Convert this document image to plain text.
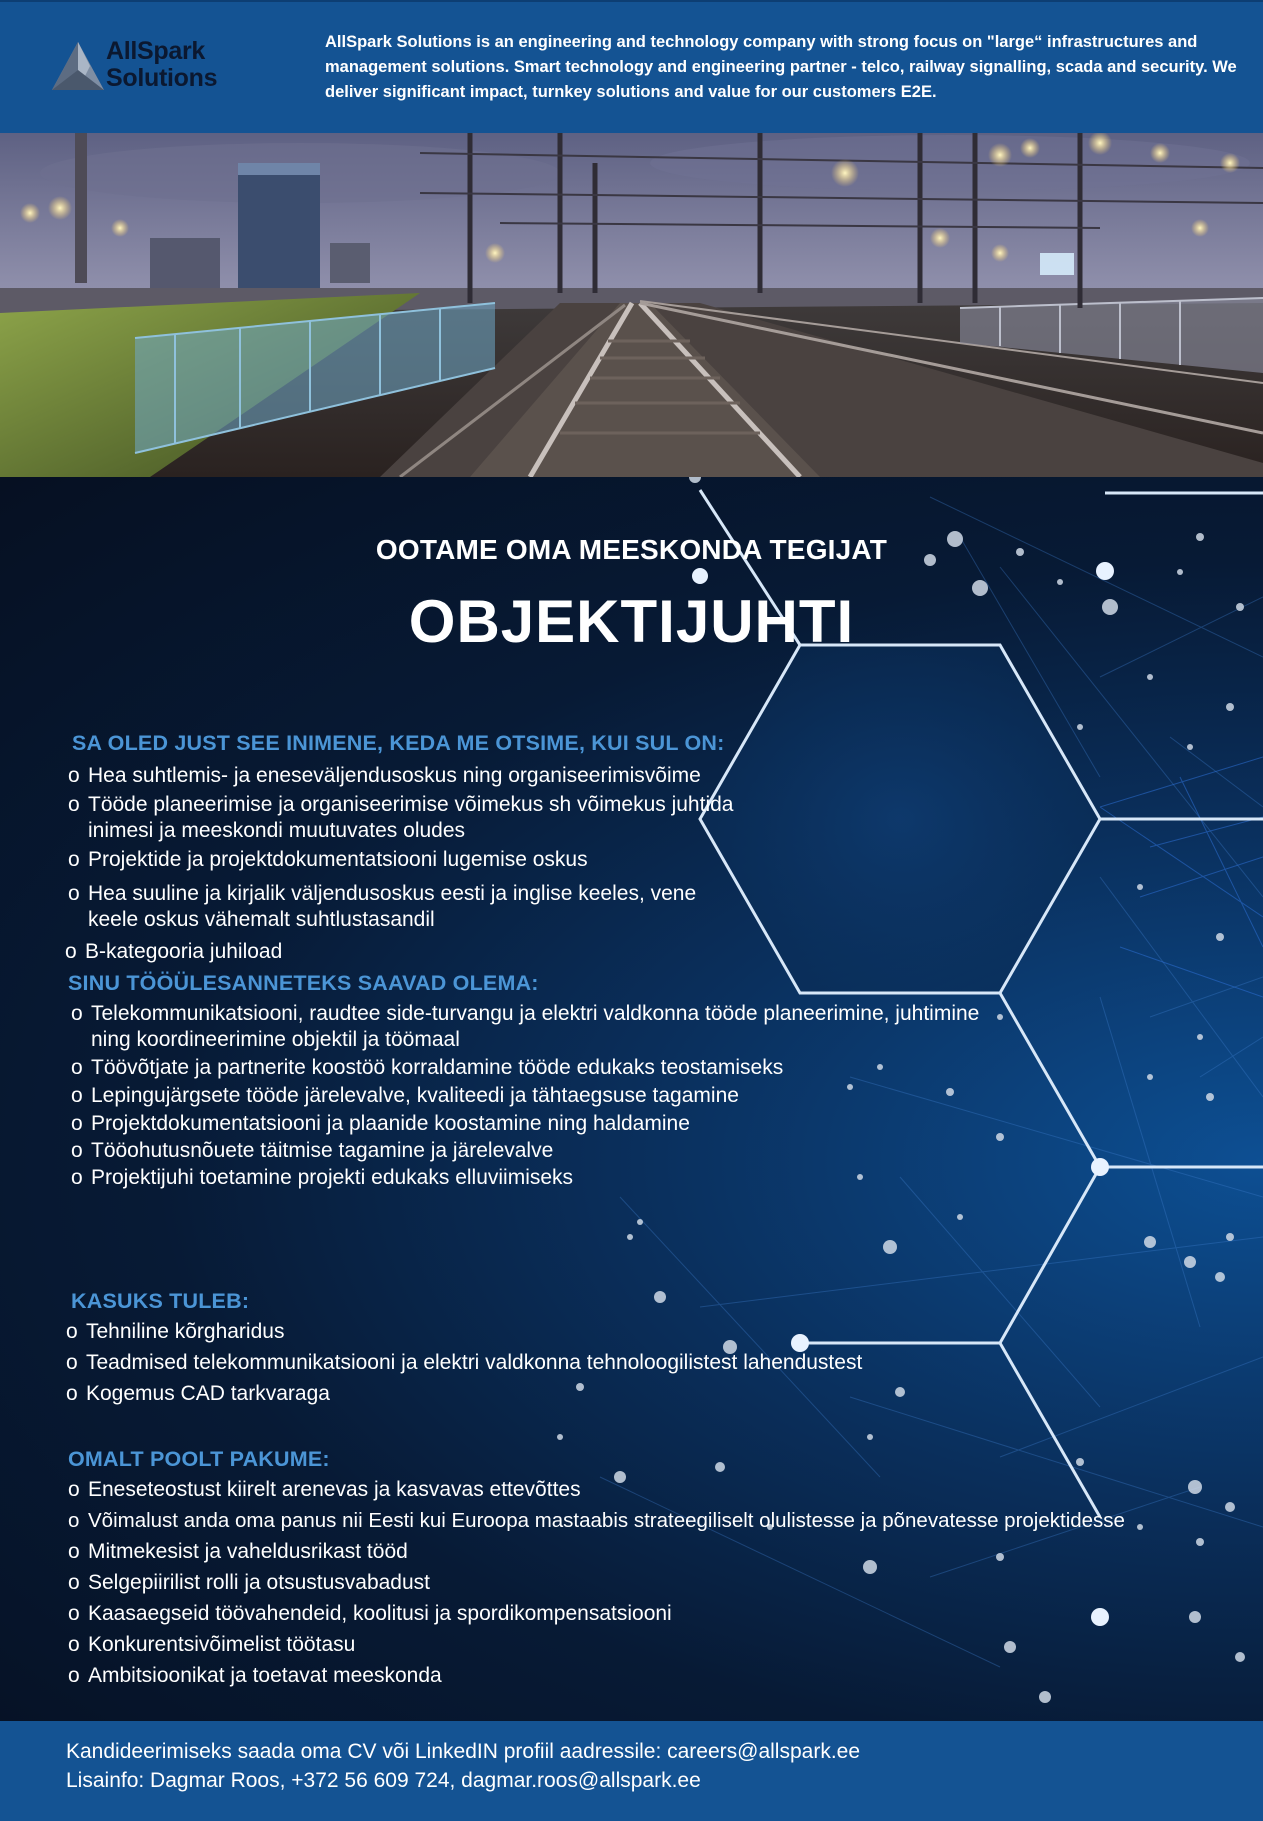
AllSpark
Solutions
AllSpark Solutions is an engineering and technology company with strong focus on "large“ infrastructures and management solutions. Smart technology and engineering partner - telco, railway signalling, scada and security. We deliver significant impact, turnkey solutions and value for our customers E2E.
OOTAME OMA MEESKONDA TEGIJAT
OBJEKTIJUHTI
SA OLED JUST SEE INIMENE, KEDA ME OTSIME, KUI SUL ON:
o Hea suhtlemis- ja eneseväljendusoskus ning organiseerimisvõime
o Tööde planeerimise ja organiseerimise võimekus sh võimekus juhtida inimesi ja meeskondi muutuvates oludes
o Projektide ja projektdokumentatsiooni lugemise oskus
o Hea suuline ja kirjalik väljendusoskus eesti ja inglise keeles, vene keele oskus vähemalt suhtlustasandil
o B-kategooria juhiload
SINU TÖÖÜLESANNETEKS SAAVAD OLEMA:
o Telekommunikatsiooni, raudtee side-turvangu ja elektri valdkonna tööde planeerimine, juhtimine ning koordineerimine objektil ja töömaal
o Töövõtjate ja partnerite koostöö korraldamine tööde edukaks teostamiseks
o Lepingujärgsete tööde järelevalve, kvaliteedi ja tähtaegsuse tagamine
o Projektdokumentatsiooni ja plaanide koostamine ning haldamine
o Tööohutusnõuete täitmise tagamine ja järelevalve
o Projektijuhi toetamine projekti edukaks elluviimiseks
KASUKS TULEB:
o Tehniline kõrgharidus
o Teadmised telekommunikatsiooni ja elektri valdkonna tehnoloogilistest lahendustest
o Kogemus CAD tarkvaraga
OMALT POOLT PAKUME:
o Eneseteostust kiirelt arenevas ja kasvavas ettevõttes
o Võimalust anda oma panus nii Eesti kui Euroopa mastaabis strateegiliselt olulistesse ja põnevatesse projektidesse
o Mitmekesist ja vaheldusrikast tööd
o Selgepiirilist rolli ja otsustusvabadust
o Kaasaegseid töövahendeid, koolitusi ja spordikompensatsiooni
o Konkurentsivõimelist töötasu
o Ambitsioonikat ja toetavat meeskonda

Kandideerimiseks saada oma CV või LinkedIN profiil aadressile: careers@allspark.ee

Lisainfo: Dagmar Roos, +372 56 609 724, dagmar.roos@allspark.ee
